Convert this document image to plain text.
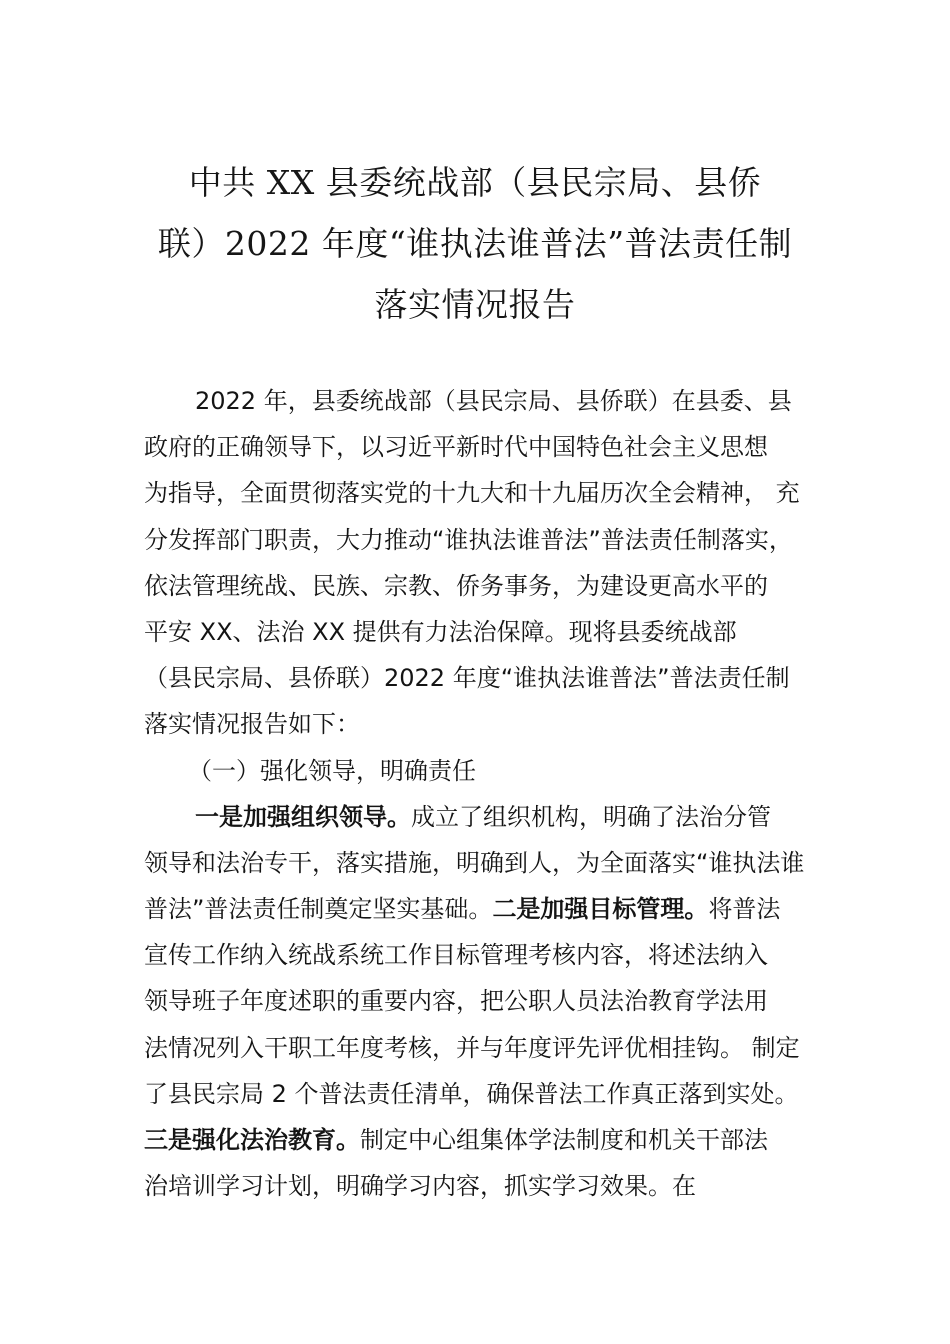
中共 XX 县委统战部（县民宗局、县侨
联）2022 年度“谁执法谁普法”普法责任制
落实情况报告
2022 年，县委统战部（县民宗局、县侨联）在县委、县
政府的正确领导下，以习近平新时代中国特色社会主义思想
为指导，全面贯彻落实党的十九大和十九届历次全会精神， 充
分发挥部门职责，大力推动“谁执法谁普法”普法责任制落实，
依法管理统战、民族、宗教、侨务事务，为建设更高水平的
平安 XX、法治 XX 提供有力法治保障。现将县委统战部
（县民宗局、县侨联）2022 年度“谁执法谁普法”普法责任制
落实情况报告如下：
（一）强化领导，明确责任
一是加强组织领导。成立了组织机构，明确了法治分管
领导和法治专干，落实措施，明确到人，为全面落实“谁执法谁
普法”普法责任制奠定坚实基础。二是加强目标管理。将普法
宣传工作纳入统战系统工作目标管理考核内容，将述法纳入
领导班子年度述职的重要内容，把公职人员法治教育学法用
法情况列入干职工年度考核，并与年度评先评优相挂钩。 制定
了县民宗局 2 个普法责任清单，确保普法工作真正落到实处。
三是强化法治教育。制定中心组集体学法制度和机关干部法
治培训学习计划，明确学习内容，抓实学习效果。在
